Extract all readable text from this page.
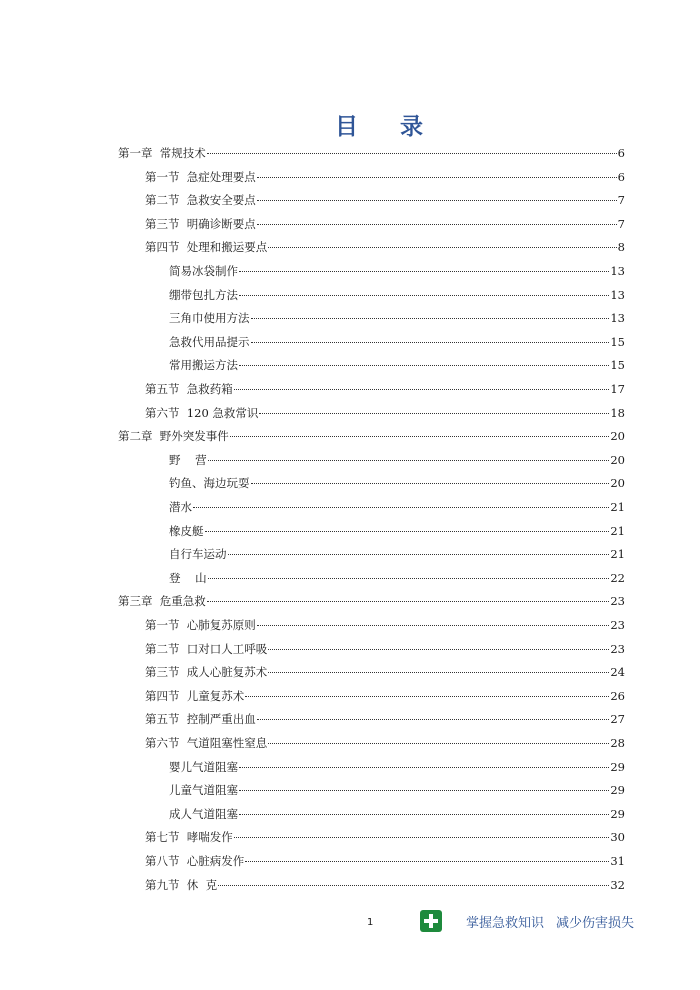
目    录
第一章  常规技术	6
第一节  急症处理要点	6
第二节  急救安全要点	7
第三节  明确诊断要点	7
第四节  处理和搬运要点	8
简易冰袋制作	13
绷带包扎方法	13
三角巾使用方法	13
急救代用品提示	15
常用搬运方法	15
第五节  急救药箱	17
第六节  120 急救常识	18
第二章  野外突发事件	20
野    营	20
钓鱼、海边玩耍	20
潜水	21
橡皮艇	21
自行车运动	21
登    山	22
第三章  危重急救	23
第一节  心肺复苏原则	23
第二节  口对口人工呼吸	23
第三节  成人心脏复苏术	24
第四节  儿童复苏术	26
第五节  控制严重出血	27
第六节  气道阻塞性窒息	28
婴儿气道阻塞	29
儿童气道阻塞	29
成人气道阻塞	29
第七节  哮喘发作	30
第八节  心脏病发作	31
第九节  休  克	32
1	掌握急救知识 减少伤害损失
